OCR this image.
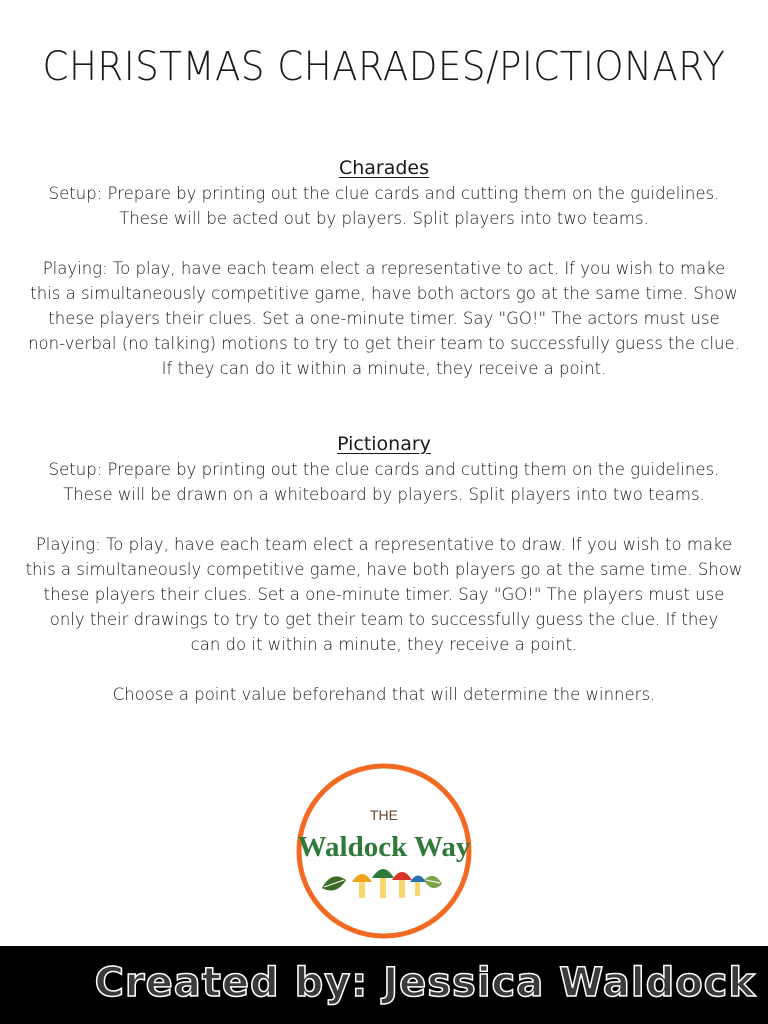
CHRISTMAS CHARADES/PICTIONARY
Charades

Setup: Prepare by printing out the clue cards and cutting them on the guidelines.

These will be acted out by players. Split players into two teams.

Playing: To play, have each team elect a representative to act. If you wish to make

this a simultaneously competitive game, have both actors go at the same time. Show

these players their clues. Set a one-minute timer. Say "GO!" The actors must use

non-verbal (no talking) motions to try to get their team to successfully guess the clue.

If they can do it within a minute, they receive a point.

Pictionary

Setup: Prepare by printing out the clue cards and cutting them on the guidelines.

These will be drawn on a whiteboard by players. Split players into two teams.

Playing: To play, have each team elect a representative to draw. If you wish to make

this a simultaneously competitive game, have both players go at the same time. Show

these players their clues. Set a one-minute timer. Say "GO!" The players must use

only their drawings to try to get their team to successfully guess the clue. If they

can do it within a minute, they receive a point.

Choose a point value beforehand that will determine the winners.

THE
Waldock Way
Created by: Jessica Waldock
